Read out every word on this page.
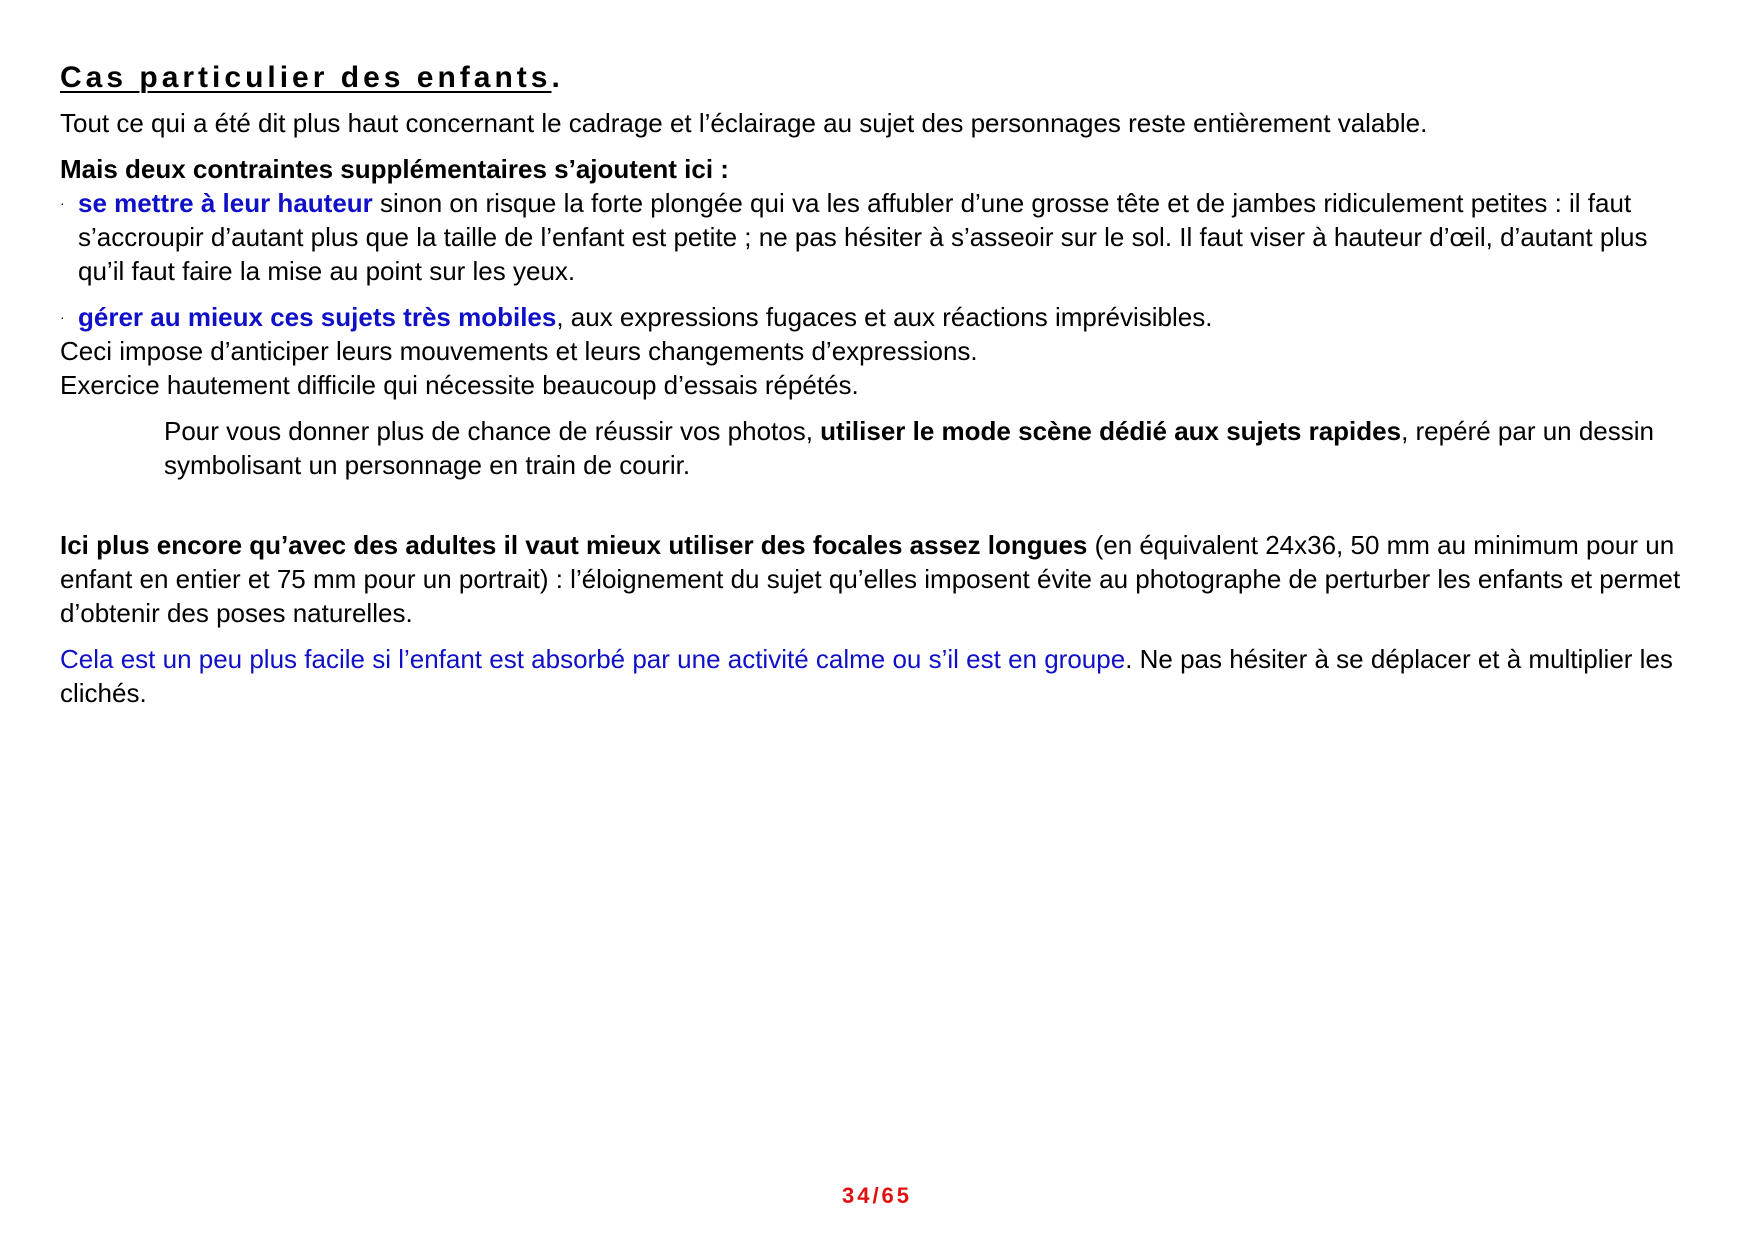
Cas particulier des enfants.

Tout ce qui a été dit plus haut concernant le cadrage et l’éclairage au sujet des personnages reste entièrement valable.

Mais deux contraintes supplémentaires s’ajoutent ici :

· se mettre à leur hauteur sinon on risque la forte plongée qui va les affubler d’une grosse tête et de jambes ridiculement petites : il faut s’accroupir d’autant plus que la taille de l’enfant est petite ; ne pas hésiter à s’asseoir sur le sol. Il faut viser à hauteur d’œil, d’autant plus qu’il faut faire la mise au point sur les yeux.
· gérer au mieux ces sujets très mobiles, aux expressions fugaces et aux réactions imprévisibles.

Ceci impose d’anticiper leurs mouvements et leurs changements d’expressions.

Exercice hautement difficile qui nécessite beaucoup d’essais répétés.

Pour vous donner plus de chance de réussir vos photos, utiliser le mode scène dédié aux sujets rapides, repéré par un dessin symbolisant un personnage en train de courir.

Ici plus encore qu’avec des adultes il vaut mieux utiliser des focales assez longues (en équivalent 24x36, 50 mm au minimum pour un enfant en entier et 75 mm pour un portrait) : l’éloignement du sujet qu’elles imposent évite au photographe de perturber les enfants et permet d’obtenir des poses naturelles.

Cela est un peu plus facile si l’enfant est absorbé par une activité calme ou s’il est en groupe. Ne pas hésiter à se déplacer et à multiplier les clichés.

34/65
